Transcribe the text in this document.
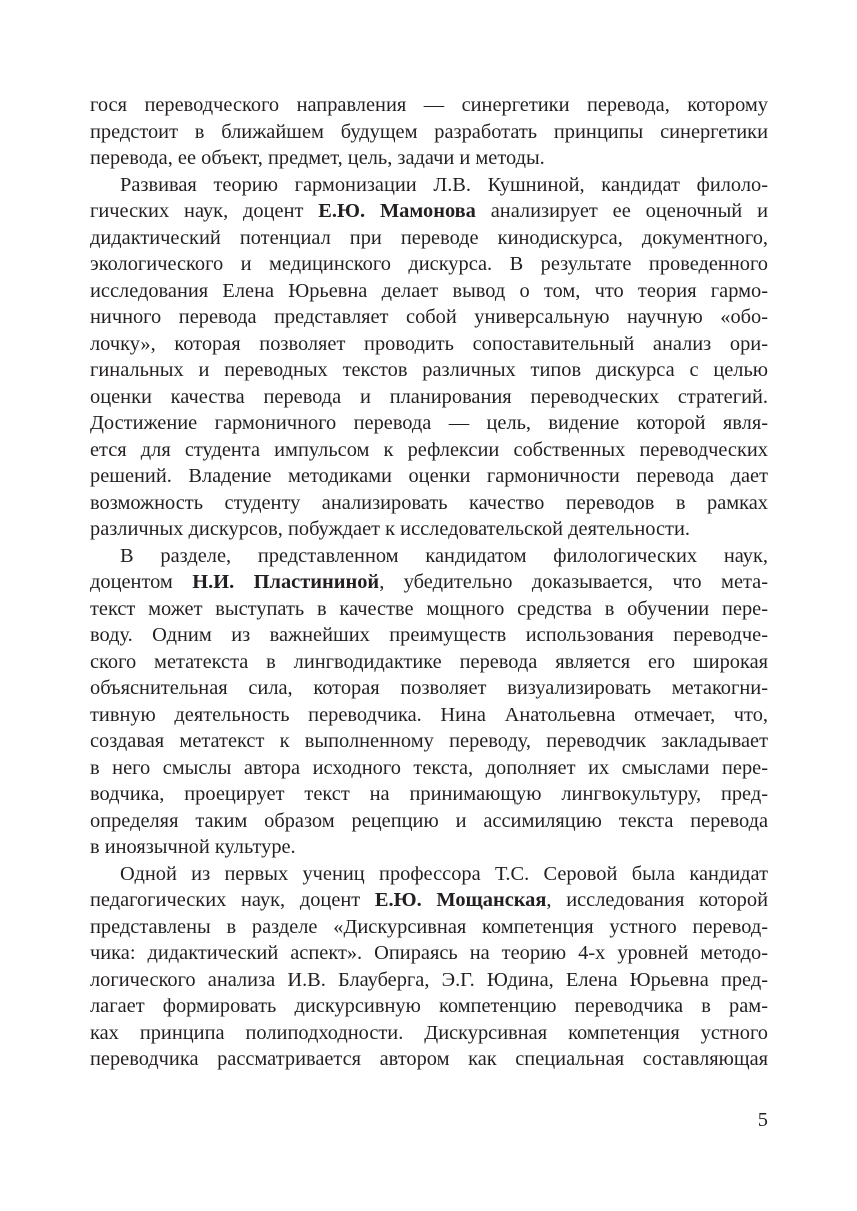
гося переводческого направления — синергетики перевода, которому
предстоит в ближайшем будущем разработать принципы синергетики
перевода, ее объект, предмет, цель, задачи и методы.
Развивая теорию гармонизации Л.В. Кушниной, кандидат филоло-
гических наук, доцент Е.Ю. Мамонова анализирует ее оценочный и
дидактический потенциал при переводе кинодискурса, документного,
экологического и медицинского дискурса. В результате проведенного
исследования Елена Юрьевна делает вывод о том, что теория гармо-
ничного перевода представляет собой универсальную научную «обо-
лочку», которая позволяет проводить сопоставительный анализ ори-
гинальных и переводных текстов различных типов дискурса с целью
оценки качества перевода и планирования переводческих стратегий.
Достижение гармоничного перевода — цель, видение которой явля-
ется для студента импульсом к рефлексии собственных переводческих
решений. Владение методиками оценки гармоничности перевода дает
возможность студенту анализировать качество переводов в рамках
различных дискурсов, побуждает к исследовательской деятельности.
В разделе, представленном кандидатом филологических наук,
доцентом Н.И. Пластининой, убедительно доказывается, что мета-
текст может выступать в качестве мощного средства в обучении пере-
воду. Одним из важнейших преимуществ использования переводче-
ского метатекста в лингводидактике перевода является его широкая
объяснительная сила, которая позволяет визуализировать метакогни-
тивную деятельность переводчика. Нина Анатольевна отмечает, что,
создавая метатекст к выполненному переводу, переводчик закладывает
в него смыслы автора исходного текста, дополняет их смыслами пере-
водчика, проецирует текст на принимающую лингвокультуру, пред-
определяя таким образом рецепцию и ассимиляцию текста перевода
в иноязычной культуре.
Одной из первых учениц профессора Т.С. Серовой была кандидат
педагогических наук, доцент Е.Ю. Мощанская, исследования которой
представлены в разделе «Дискурсивная компетенция устного перевод-
чика: дидактический аспект». Опираясь на теорию 4-х уровней методо-
логического анализа И.В. Блауберга, Э.Г. Юдина, Елена Юрьевна пред-
лагает формировать дискурсивную компетенцию переводчика в рам-
ках принципа полиподходности. Дискурсивная компетенция устного
переводчика рассматривается автором как специальная составляющая
5
